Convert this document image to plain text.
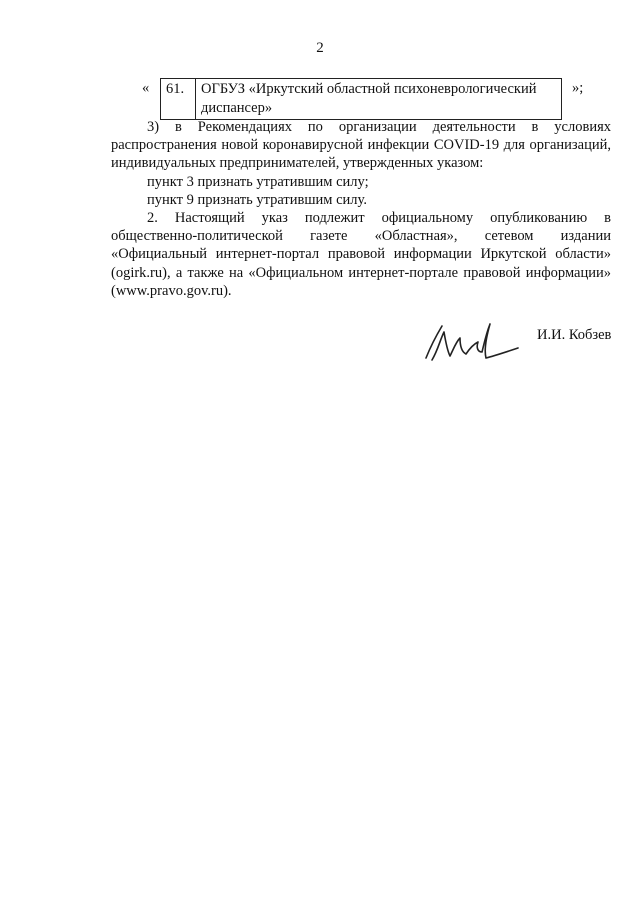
2
« 61.	ОГБУЗ «Иркутский областной психоневрологический
диспансер»
»;

3) в Рекомендациях по организации деятельности в условиях распространения новой коронавирусной инфекции COVID-19 для организаций, индивидуальных предпринимателей, утвержденных указом:

пункт 3 признать утратившим силу;

пункт 9 признать утратившим силу.

2. Настоящий указ подлежит официальному опубликованию в общественно-политической газете «Областная», сетевом издании «Официальный интернет-портал правовой информации Иркутской области» (ogirk.ru), а также на «Официальном интернет-портале правовой информации» (www.pravo.gov.ru).

И.И. Кобзев
